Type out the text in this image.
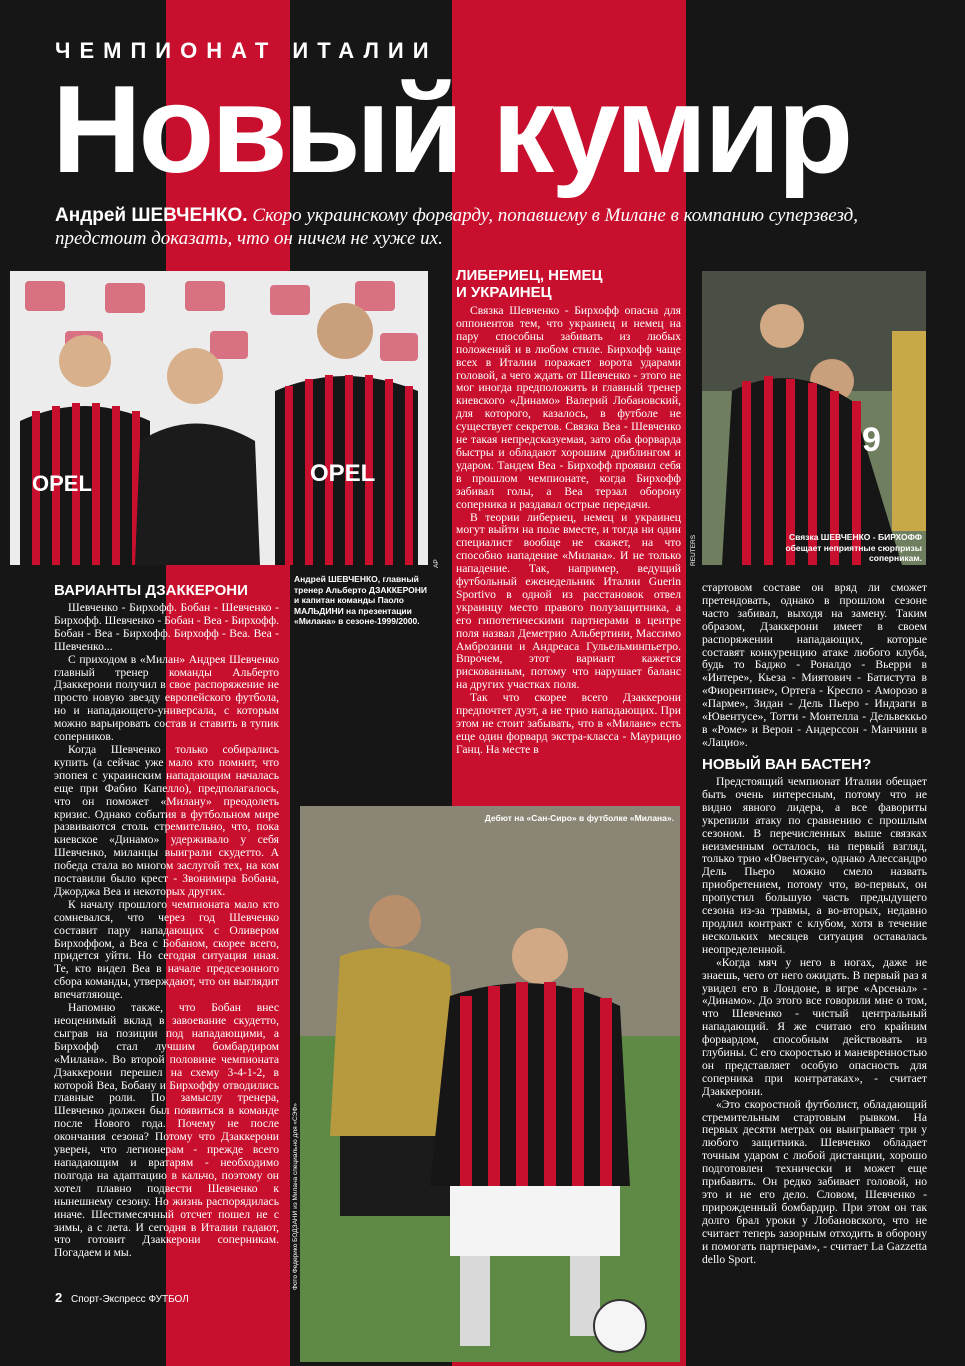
ЧЕМПИОНАТ ИТАЛИИ
Новый кумир
Андрей ШЕВЧЕНКО. Скоро украинскому форварду, попавшему в Милане в компанию суперзвезд, предстоит доказать, что он ничем не хуже их.
OPEL	OPEL
AP
Андрей ШЕВЧЕНКО, главный тренер Альберто ДЗАККЕРОНИ и капитан команды Паоло МАЛЬДИНИ на презентации «Милана» в сезоне-1999/2000.
9
Связка ШЕВЧЕНКО - БИРХОФФ обещает неприятные сюрпризы соперникам.
REUTERS
Дебют на «Сан-Сиро» в футболке «Милана».
Фото Федерико БОДЗАНИ из Милана специально для «СЭФ»
ЛИБЕРИЕЦ, НЕМЕЦ И УКРАИНЕЦ

Связка Шевченко - Бирхофф опасна для оппонентов тем, что украинец и немец на пару способны забивать из любых положений и в любом стиле. Бирхофф чаще всех в Италии поражает ворота ударами головой, а чего ждать от Шевченко - этого не мог иногда предположить и главный тренер киевского «Динамо» Валерий Лобановский, для которого, казалось, в футболе не существует секретов. Связка Веа - Шевченко не такая непредсказуемая, зато оба форварда быстры и обладают хорошим дриблингом и ударом. Тандем Веа - Бирхофф проявил себя в прошлом чемпионате, когда Бирхофф забивал голы, а Веа терзал оборону соперника и раздавал острые передачи.

В теории либериец, немец и украинец могут выйти на поле вместе, и тогда ни один специалист вообще не скажет, на что способно нападение «Милана». И не только нападение. Так, например, ведущий футбольный еженедельник Италии Guerin Sportivo в одной из расстановок отвел украинцу место правого полузащитника, а его гипотетическими партнерами в центре поля назвал Деметрио Альбертини, Массимо Амброзини и Андреаса Гульельминпьетро. Впрочем, этот вариант кажется рискованным, потому что нарушает баланс на других участках поля.

Так что скорее всего Дзаккерони предпочтет дуэт, а не трио нападающих. При этом не стоит забывать, что в «Милане» есть еще один форвард экстра-класса - Маурицио Ганц. На месте в

ВАРИАНТЫ ДЗАККЕРОНИ

Шевченко - Бирхофф. Бобан - Шевченко - Бирхофф. Шевченко - Бобан - Веа - Бирхофф. Бобан - Веа - Бирхофф. Бирхофф - Веа. Веа - Шевченко...

С приходом в «Милан» Андрея Шевченко главный тренер команды Альберто Дзаккерони получил в свое распоряжение не просто новую звезду европейского футбола, но и нападающего-универсала, с которым можно варьировать состав и ставить в тупик соперников.

Когда Шевченко только собирались купить (а сейчас уже мало кто помнит, что эпопея с украинским нападающим началась еще при Фабио Капелло), предполагалось, что он поможет «Милану» преодолеть кризис. Однако события в футбольном мире развиваются столь стремительно, что, пока киевское «Динамо» удерживало у себя Шевченко, миланцы выиграли скудетто. А победа стала во многом заслугой тех, на ком поставили было крест - Звонимира Бобана, Джорджа Веа и некоторых других.

К началу прошлого чемпионата мало кто сомневался, что через год Шевченко составит пару нападающих с Оливером Бирхоффом, а Веа с Бобаном, скорее всего, придется уйти. Но сегодня ситуация иная. Те, кто видел Веа в начале предсезонного сбора команды, утверждают, что он выглядит впечатляюще.

Напомню также, что Бобан внес неоценимый вклад в завоевание скудетто, сыграв на позиции под нападающими, а Бирхофф стал лучшим бомбардиром «Милана». Во второй половине чемпионата Дзаккерони перешел на схему 3-4-1-2, в которой Веа, Бобану и Бирхоффу отводились главные роли. По замыслу тренера, Шевченко должен был появиться в команде после Нового года. Почему не после окончания сезона? Потому что Дзаккерони уверен, что легионерам - прежде всего нападающим и вратарям - необходимо полгода на адаптацию в кальчо, поэтому он хотел плавно подвести Шевченко к нынешнему сезону. Но жизнь распорядилась иначе. Шестимесячный отсчет пошел не с зимы, а с лета. И сегодня в Италии гадают, что готовит Дзаккерони соперникам. Погадаем и мы.

стартовом составе он вряд ли сможет претендовать, однако в прошлом сезоне часто забивал, выходя на замену. Таким образом, Дзаккерони имеет в своем распоряжении нападающих, которые составят конкуренцию атаке любого клуба, будь то Баджо - Роналдо - Вьерри в «Интере», Кьеза - Миятович - Батистута в «Фиорентине», Ортега - Креспо - Аморозо в «Парме», Зидан - Дель Пьеро - Индзаги в «Ювентусе», Тотти - Монтелла - Дельвеккьо в «Роме» и Верон - Андерссон - Манчини в «Лацио».

НОВЫЙ ВАН БАСТЕН?

Предстоящий чемпионат Италии обещает быть очень интересным, потому что не видно явного лидера, а все фавориты укрепили атаку по сравнению с прошлым сезоном. В перечисленных выше связках неизменным осталось, на первый взгляд, только трио «Ювентуса», однако Алессандро Дель Пьеро можно смело назвать приобретением, потому что, во-первых, он пропустил большую часть предыдущего сезона из-за травмы, а во-вторых, недавно продлил контракт с клубом, хотя в течение нескольких месяцев ситуация оставалась неопределенной.

«Когда мяч у него в ногах, даже не знаешь, чего от него ожидать. В первый раз я увидел его в Лондоне, в игре «Арсенал» - «Динамо». До этого все говорили мне о том, что Шевченко - чистый центральный нападающий. Я же считаю его крайним форвардом, способным действовать из глубины. С его скоростью и маневренностью он представляет особую опасность для соперника при контратаках», - считает Дзаккерони.

«Это скоростной футболист, обладающий стремительным стартовым рывком. На первых десяти метрах он выигрывает три у любого защитника. Шевченко обладает точным ударом с любой дистанции, хорошо подготовлен технически и может еще прибавить. Он редко забивает головой, но это и не его дело. Словом, Шевченко - прирожденный бомбардир. При этом он так долго брал уроки у Лобановского, что не считает теперь зазорным отходить в оборону и помогать партнерам», - считает La Gazzetta dello Sport.

2 Спорт-Экспресс ФУТБОЛ
